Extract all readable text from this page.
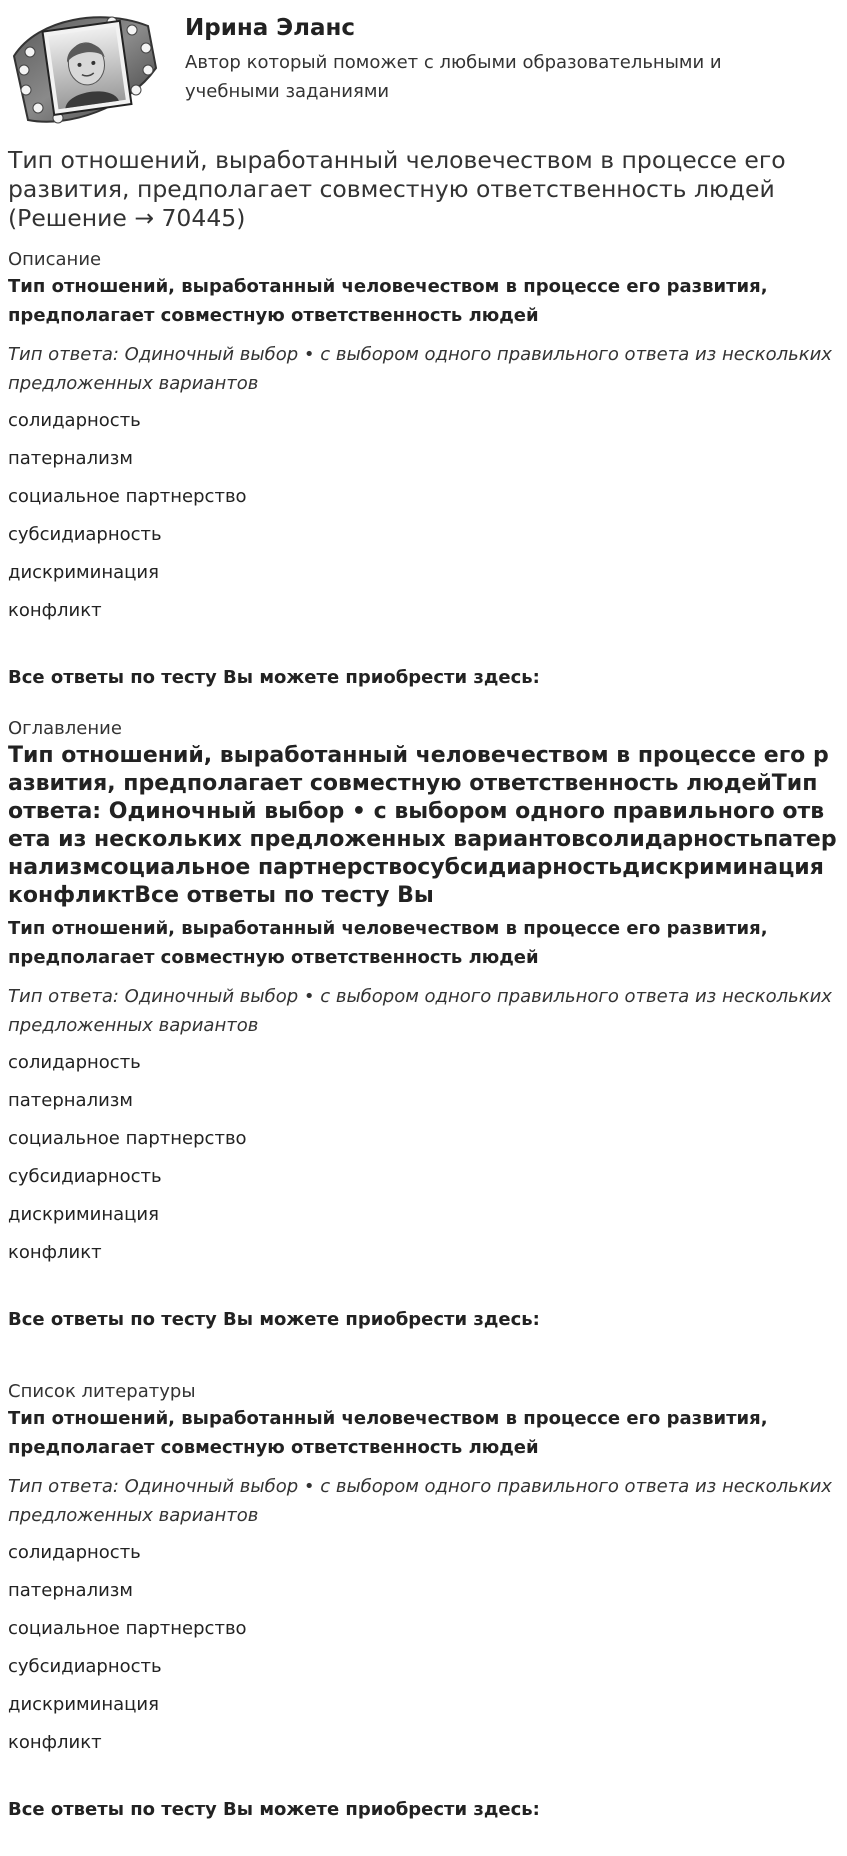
Ирина Эланс
Автор который поможет с любыми образовательными и учебными заданиями
Тип отношений, выработанный человечеством в процессе его развития, предполагает совместную ответственность людей (Решение → 70445)
Описание
Тип отношений, выработанный человечеством в процессе его развития, предполагает совместную ответственность людей
Тип ответа: Одиночный выбор • с выбором одного правильного ответа из нескольких предложенных вариантов
солидарность
патернализм
социальное партнерство
субсидиарность
дискриминация
конфликт
Все ответы по тесту Вы можете приобрести здесь:
Оглавление
Тип отношений, выработанный человечеством в процессе его развития, предполагает совместную ответственность людейТип ответа: Одиночный выбор • с выбором одного правильного ответа из нескольких предложенных вариантовсолидарностьпатернализмсоциальное партнерствосубсидиарностьдискриминацияконфликтВсе ответы по тесту Вы
Тип отношений, выработанный человечеством в процессе его развития, предполагает совместную ответственность людей
Тип ответа: Одиночный выбор • с выбором одного правильного ответа из нескольких предложенных вариантов
солидарность
патернализм
социальное партнерство
субсидиарность
дискриминация
конфликт
Все ответы по тесту Вы можете приобрести здесь:
Список литературы
Тип отношений, выработанный человечеством в процессе его развития, предполагает совместную ответственность людей
Тип ответа: Одиночный выбор • с выбором одного правильного ответа из нескольких предложенных вариантов
солидарность
патернализм
социальное партнерство
субсидиарность
дискриминация
конфликт
Все ответы по тесту Вы можете приобрести здесь:
